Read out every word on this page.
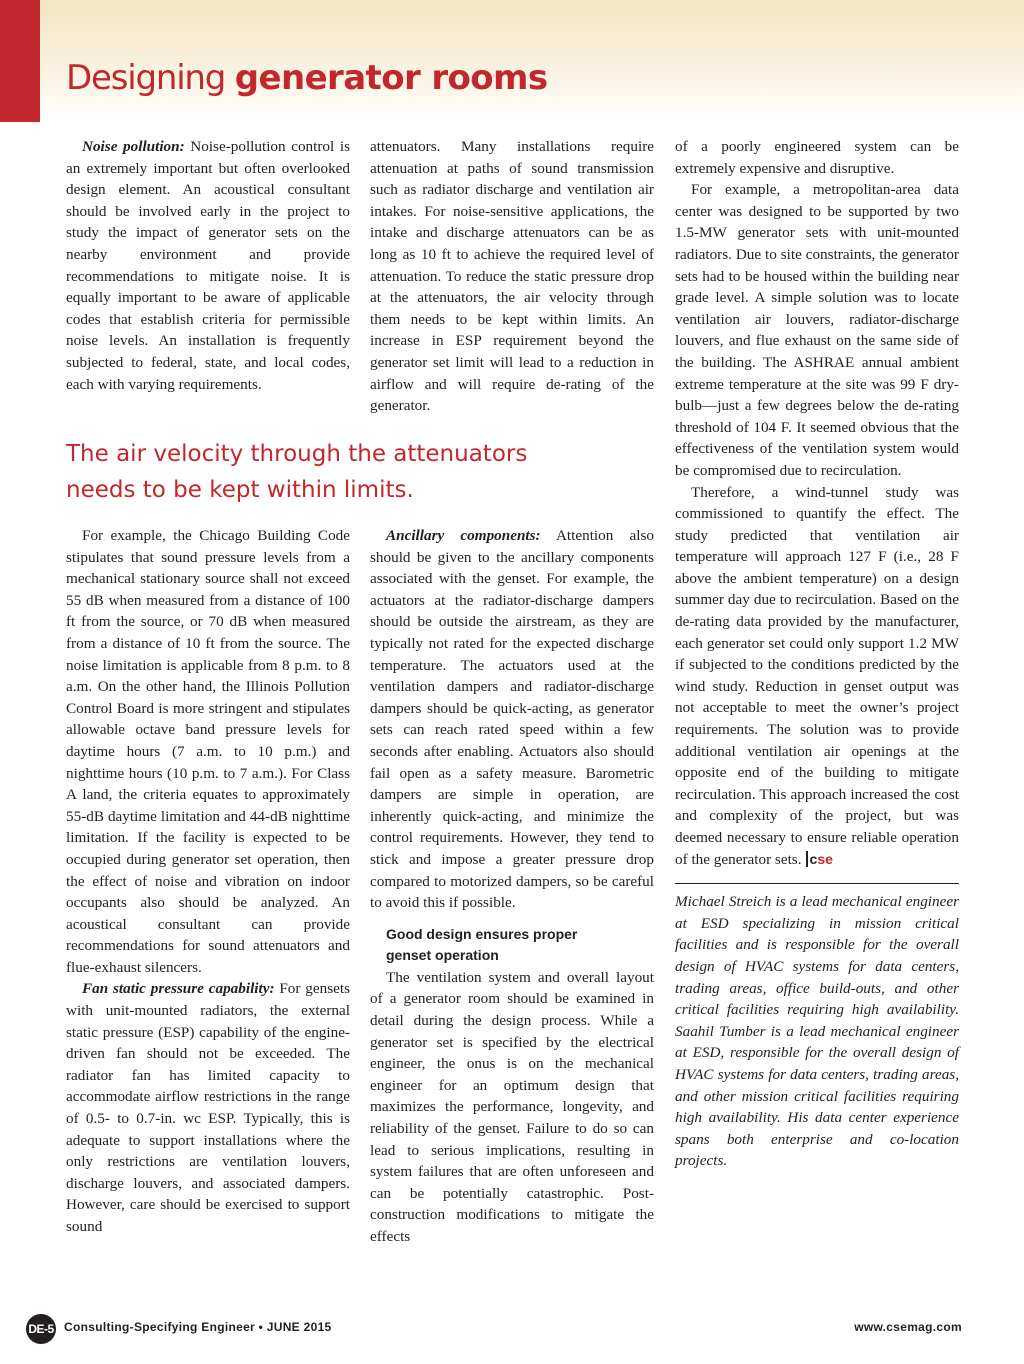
Designing generator rooms

Noise pollution: Noise-pollution control is an extremely important but often overlooked design element. An acoustical consultant should be involved early in the project to study the impact of generator sets on the nearby environment and provide recommendations to mitigate noise. It is equally important to be aware of applicable codes that establish criteria for permissible noise levels. An installation is frequently subjected to federal, state, and local codes, each with varying requirements.

attenuators. Many installations require attenuation at paths of sound transmission such as radiator discharge and ventilation air intakes. For noise-sensitive applications, the intake and discharge attenuators can be as long as 10 ft to achieve the required level of attenuation. To reduce the static pressure drop at the attenuators, the air velocity through them needs to be kept within limits. An increase in ESP requirement beyond the generator set limit will lead to a reduction in airflow and will require de-rating of the generator.

The air velocity through the attenuators
needs to be kept within limits.

For example, the Chicago Building Code stipulates that sound pressure levels from a mechanical stationary source shall not exceed 55 dB when measured from a distance of 100 ft from the source, or 70 dB when measured from a distance of 10 ft from the source. The noise limitation is applicable from 8 p.m. to 8 a.m. On the other hand, the Illinois Pollution Control Board is more stringent and stipulates allowable octave band pressure levels for daytime hours (7 a.m. to 10 p.m.) and nighttime hours (10 p.m. to 7 a.m.). For Class A land, the criteria equates to approximately 55-dB daytime limitation and 44-dB nighttime limitation. If the facility is expected to be occupied during generator set operation, then the effect of noise and vibration on indoor occupants also should be analyzed. An acoustical consultant can provide recommendations for sound attenuators and flue-exhaust silencers.

Fan static pressure capability: For gensets with unit-mounted radiators, the external static pressure (ESP) capability of the engine-driven fan should not be exceeded. The radiator fan has limited capacity to accommodate airflow restrictions in the range of 0.5- to 0.7-in. wc ESP. Typically, this is adequate to support installations where the only restrictions are ventilation louvers, discharge louvers, and associated dampers. However, care should be exercised to support sound

Ancillary components: Attention also should be given to the ancillary components associated with the genset. For example, the actuators at the radiator-discharge dampers should be outside the airstream, as they are typically not rated for the expected discharge temperature. The actuators used at the ventilation dampers and radiator-discharge dampers should be quick-acting, as generator sets can reach rated speed within a few seconds after enabling. Actuators also should fail open as a safety measure. Barometric dampers are simple in operation, are inherently quick-acting, and minimize the control requirements. However, they tend to stick and impose a greater pressure drop compared to motorized dampers, so be careful to avoid this if possible.

Good design ensures proper

genset operation

The ventilation system and overall layout of a generator room should be examined in detail during the design process. While a generator set is specified by the electrical engineer, the onus is on the mechanical engineer for an optimum design that maximizes the performance, longevity, and reliability of the genset. Failure to do so can lead to serious implications, resulting in system failures that are often unforeseen and can be potentially catastrophic. Post-construction modifications to mitigate the effects

of a poorly engineered system can be extremely expensive and disruptive.

For example, a metropolitan-area data center was designed to be supported by two 1.5-MW generator sets with unit-mounted radiators. Due to site constraints, the generator sets had to be housed within the building near grade level. A simple solution was to locate ventilation air louvers, radiator-discharge louvers, and flue exhaust on the same side of the building. The ASHRAE annual ambient extreme temperature at the site was 99 F dry-bulb—just a few degrees below the de-rating threshold of 104 F. It seemed obvious that the effectiveness of the ventilation system would be compromised due to recirculation.

Therefore, a wind-tunnel study was commissioned to quantify the effect. The study predicted that ventilation air temperature will approach 127 F (i.e., 28 F above the ambient temperature) on a design summer day due to recirculation. Based on the de-rating data provided by the manufacturer, each generator set could only support 1.2 MW if subjected to the conditions predicted by the wind study. Reduction in genset output was not acceptable to meet the owner’s project requirements. The solution was to provide additional ventilation air openings at the opposite end of the building to mitigate recirculation. This approach increased the cost and complexity of the project, but was deemed necessary to ensure reliable operation of the generator sets. cse

Michael Streich is a lead mechanical engineer at ESD specializing in mission critical facilities and is responsible for the overall design of HVAC systems for data centers, trading areas, office build-outs, and other critical facilities requiring high availability. Saahil Tumber is a lead mechanical engineer at ESD, responsible for the overall design of HVAC systems for data centers, trading areas, and other mission critical facilities requiring high availability. His data center experience spans both enterprise and co-location projects.

DE-5 Consulting-Specifying Engineer • JUNE 2015	www.csemag.com
